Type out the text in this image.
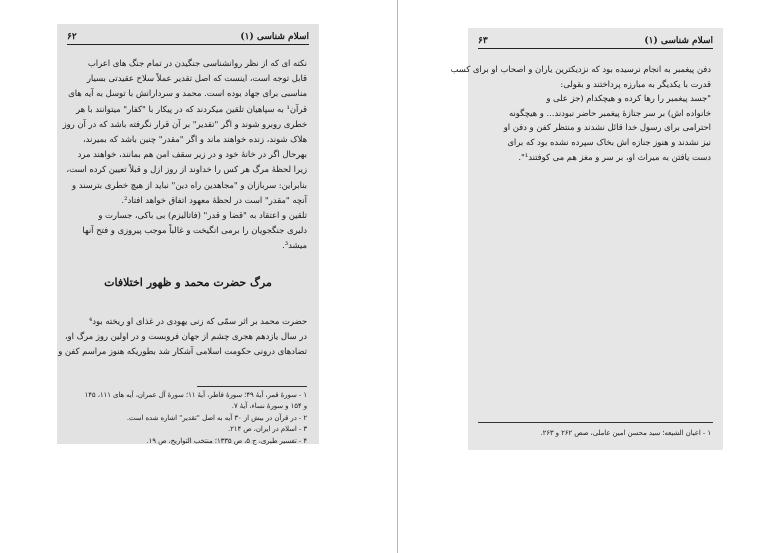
۶۲	اسلام شناسی (۱)

نکته ای که از نظر روانشناسی جنگیدن در تمام جنگ های اعراب

قابل توجه است، اینست که اصل تقدیر عملاً سلاح عقیدتی بسیار

مناسبی برای جهاد بوده است. محمد و سردارانش با توسل به آیه های

قرآن¹ به سپاهیان تلقین میکردند که در پیکار با "کفار" میتوانند با هر

خطری روبرو شوند و اگر "تقدیر" بر آن قرار نگرفته باشد که در آن روز

هلاک شوند، زنده خواهند ماند و اگر "مقدر" چنین باشد که بمیرند،

بهرحال اگر در خانهٔ خود و در زیر سقف امن هم بمانند، خواهند مرد

زیرا لحظهٔ مرگ هر کس را خداوند از روز ازل و قبلاً تعیین کرده است،

بنابراین: سربازان و "مجاهدین راه دین" نباید از هیچ خطری بترسند و

آنچه "مقدر" است در لحظهٔ معهود اتفاق خواهد افتاد².

تلقین و اعتقاد به "قضا و قدر" (فاتالیزم) بی باکی، جسارت و

دلیری جنگجویان را برمی انگیخت و غالباً موجب پیروزی و فتح آنها

میشد³.

مرگ حضرت محمد و ظهور اختلافات

حضرت محمد بر اثر سمّی که زنی یهودی در غذای او ریخته بود⁴

در سال یازدهم هجری چشم از جهان فروبست و در اولین روز مرگ او،

تضادهای درونی حکومت اسلامی آشکار شد بطوریکه هنوز مراسم کفن و

۱ - سورهٔ قمر، آیهٔ ۴۹؛ سورهٔ فاطر، آیهٔ ۱۱؛ سورهٔ آل عمران، آیه های ۱۱۱، ۱۴۵

و ۱۵۴ و سورهٔ نساء، آیهٔ ۷.

۲ - در قرآن در بیش از ۳۰ آیه به اصل "تقدیر" اشاره شده است.

۳ - اسلام در ایران، ص ۲۱۴.

۴ - تفسیر طبری، ج ۵، ص ۱۳۳۵؛ منتخب التواریخ، ص ۱۹.

۶۳	اسلام شناسی (۱)

دفن پیغمبر به انجام نرسیده بود که نزدیکترین یاران و اصحاب او برای کسب

قدرت با یکدیگر به مبارزه پرداختند و بقولی:

"جسد پیغمبر را رها کرده و هیچکدام (جز علی و

خانواده اش) بر سر جنازهٔ پیغمبر حاضر نبودند... و هیچگونه

احترامی برای رسول خدا قائل نشدند و منتظر کفن و دفن او

نیز نشدند و هنوز جنازه اش بخاک سپرده نشده بود که برای

دست یافتن به میراث او، بر سر و مغز هم می کوفتند¹".

۱ - اعیان الشیعه؛ سید محسن امین عاملی، صص ۲۶۲ و ۲۶۳.
